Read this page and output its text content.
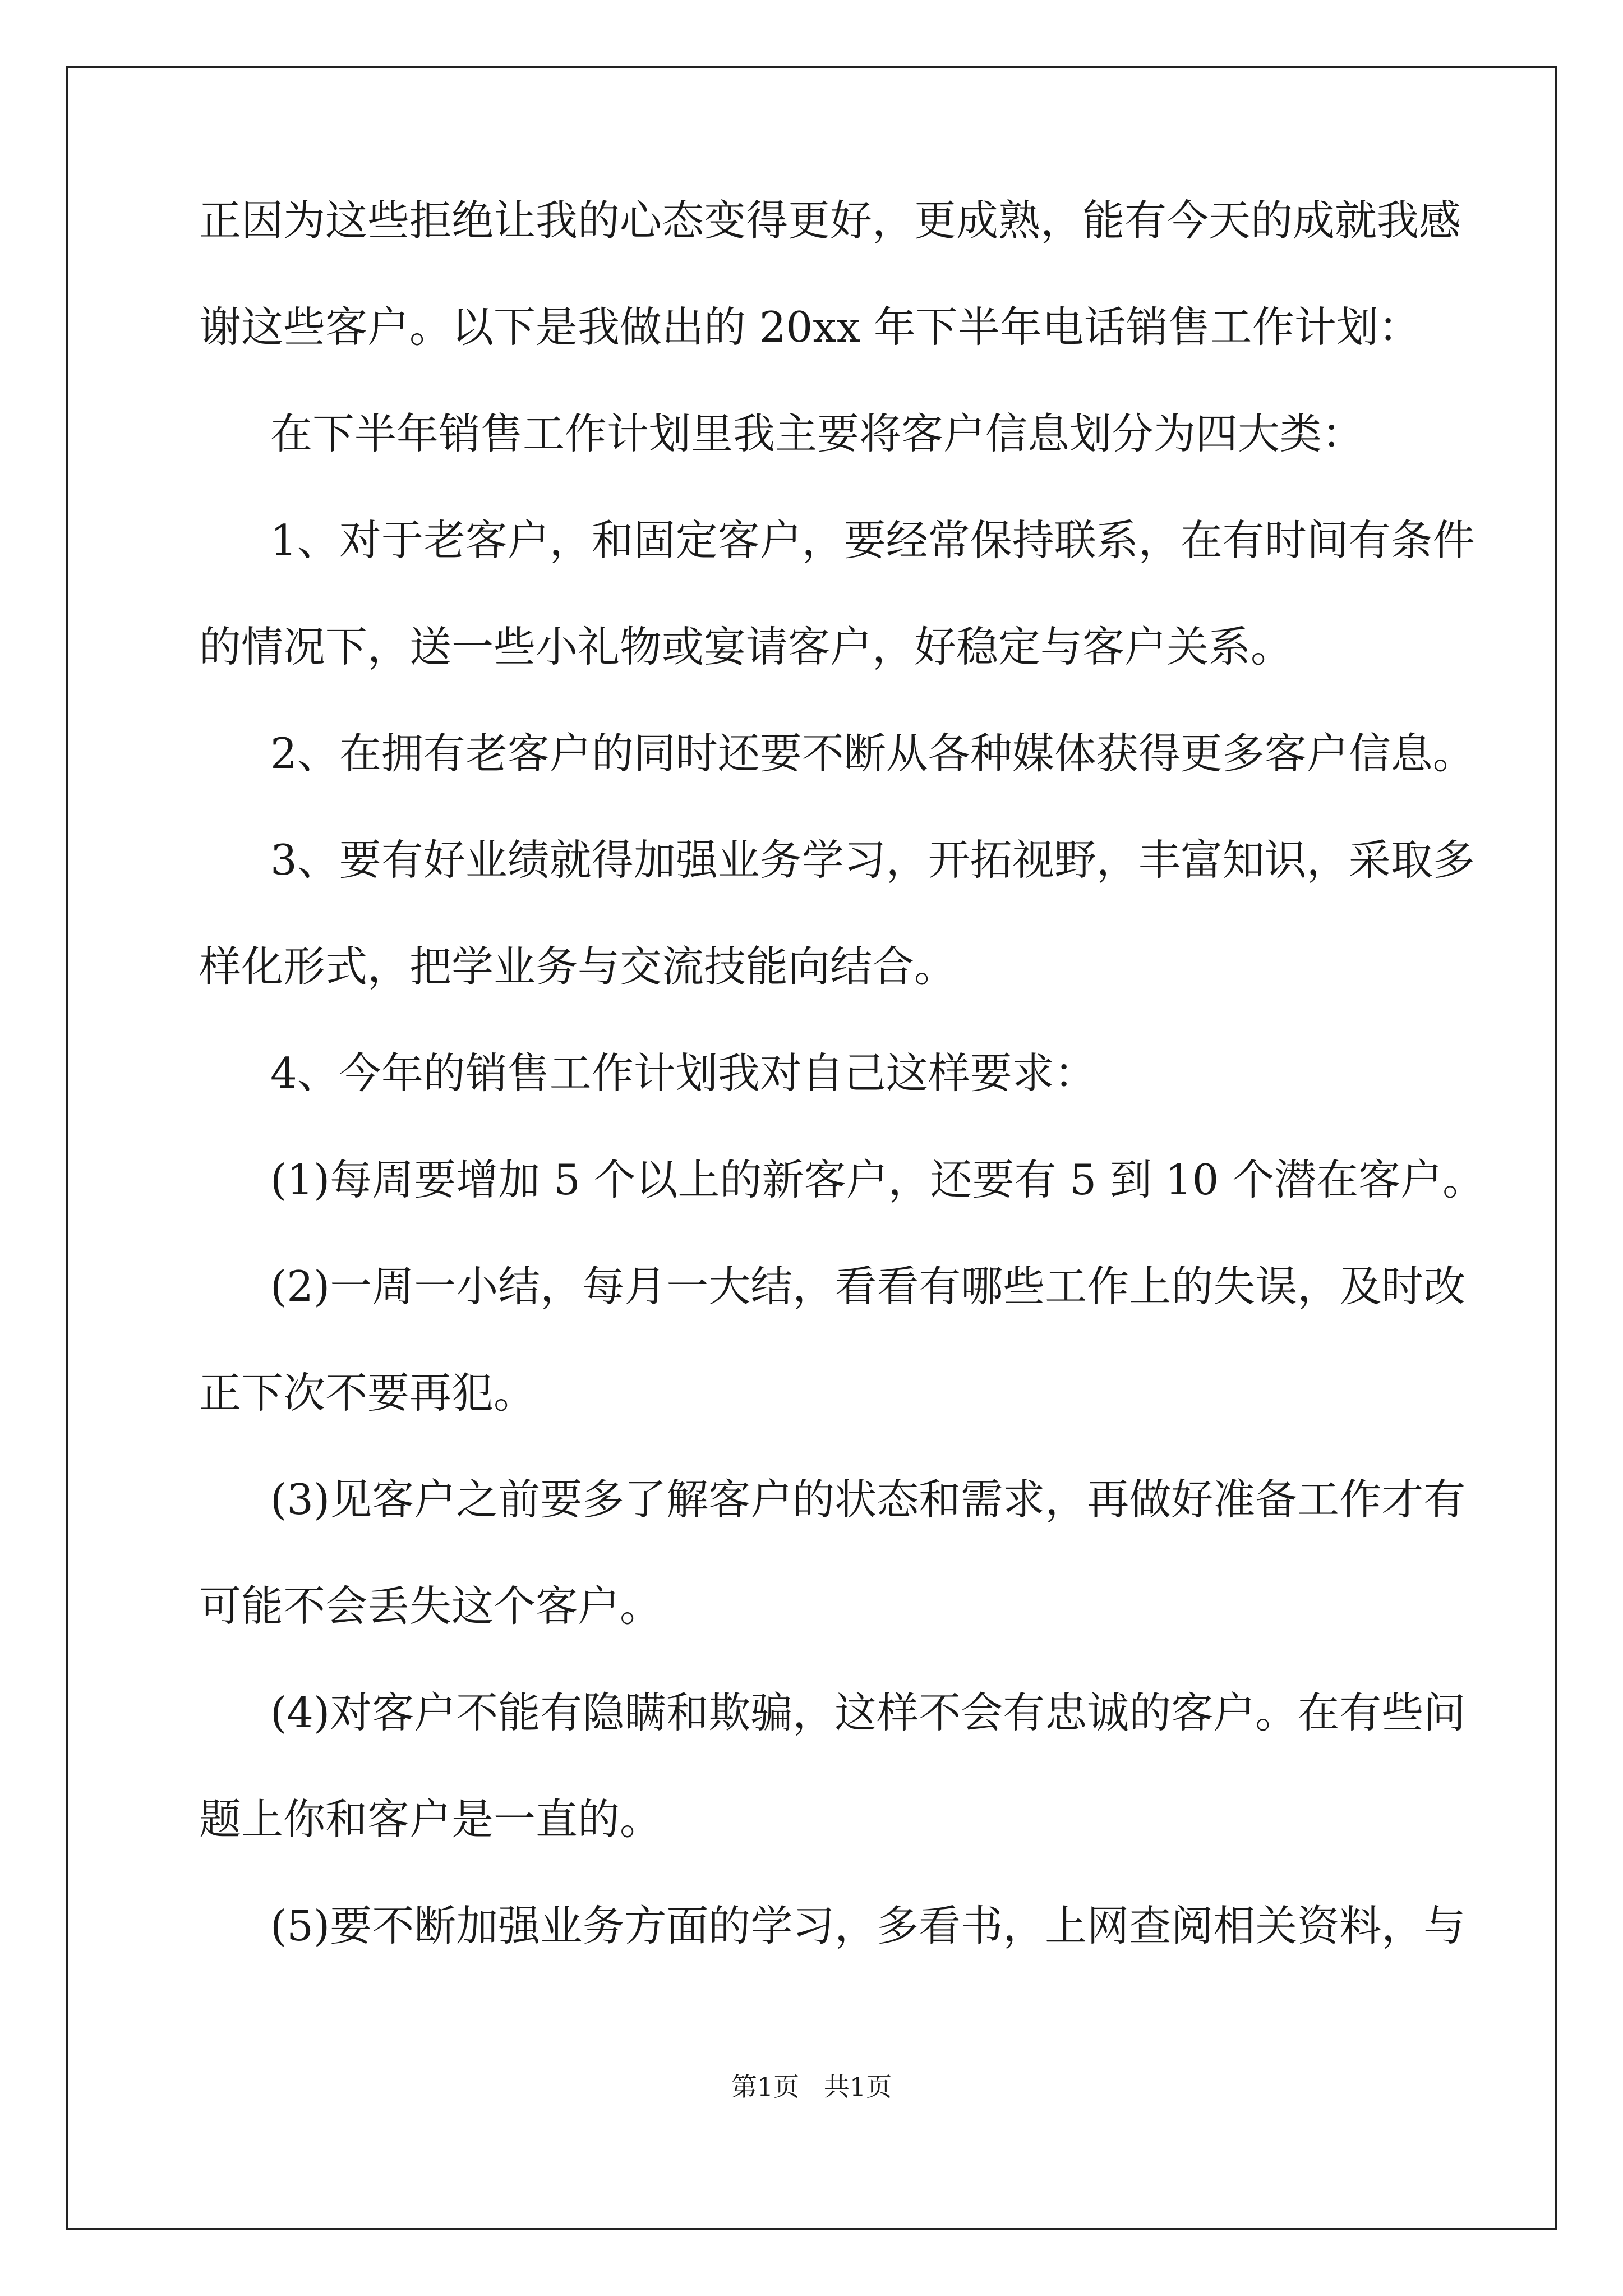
正因为这些拒绝让我的心态变得更好，更成熟，能有今天的成就我感
谢这些客户。以下是我做出的 20xx 年下半年电话销售工作计划：
在下半年销售工作计划里我主要将客户信息划分为四大类：
1、对于老客户，和固定客户，要经常保持联系，在有时间有条件
的情况下，送一些小礼物或宴请客户，好稳定与客户关系。
2、在拥有老客户的同时还要不断从各种媒体获得更多客户信息。
3、要有好业绩就得加强业务学习，开拓视野，丰富知识，采取多
样化形式，把学业务与交流技能向结合。
4、今年的销售工作计划我对自己这样要求：
(1)每周要增加 5 个以上的新客户，还要有 5 到 10 个潜在客户。
(2)一周一小结，每月一大结，看看有哪些工作上的失误，及时改
正下次不要再犯。
(3)见客户之前要多了解客户的状态和需求，再做好准备工作才有
可能不会丢失这个客户。
(4)对客户不能有隐瞒和欺骗，这样不会有忠诚的客户。在有些问
题上你和客户是一直的。
(5)要不断加强业务方面的学习，多看书，上网查阅相关资料，与
第1页   共1页
